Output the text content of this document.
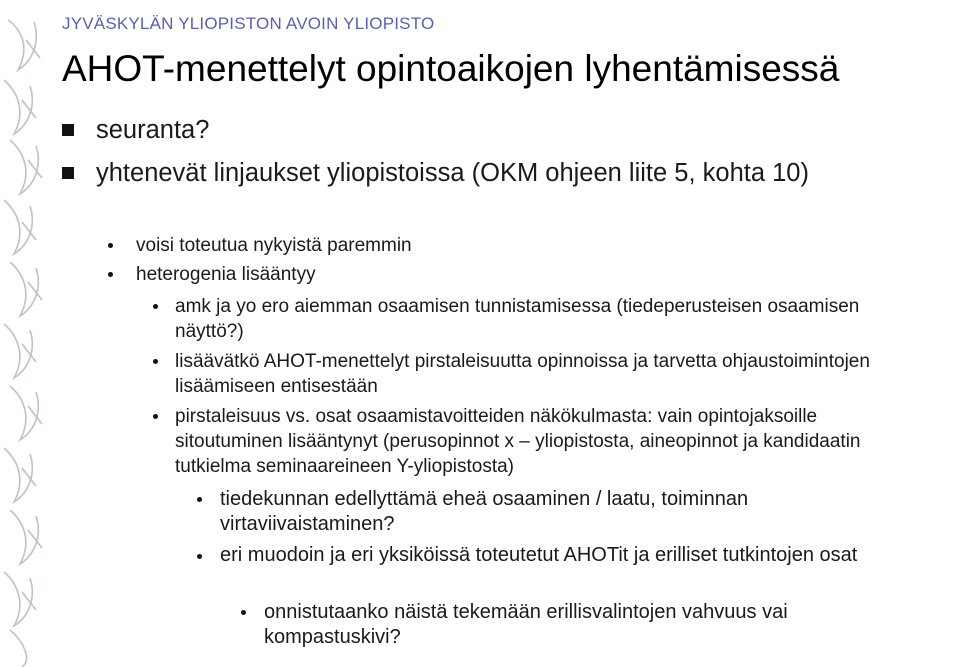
JYVÄSKYLÄN YLIOPISTON AVOIN YLIOPISTO
AHOT-menettelyt opintoaikojen lyhentämisessä
seuranta?
yhtenevät linjaukset yliopistoissa (OKM ohjeen liite 5, kohta 10)
voisi toteutua nykyistä paremmin
heterogenia lisääntyy
amk ja yo ero aiemman osaamisen tunnistamisessa (tiedeperusteisen osaamisen näyttö?)
lisäävätkö AHOT-menettelyt pirstaleisuutta opinnoissa ja tarvetta ohjaustoimintojen lisäämiseen entisestään
pirstaleisuus vs. osat osaamistavoitteiden näkökulmasta: vain opintojaksoille sitoutuminen lisääntynyt (perusopinnot x – yliopistosta, aineopinnot ja kandidaatin tutkielma seminaareineen Y-yliopistosta)
tiedekunnan edellyttämä eheä osaaminen / laatu, toiminnan virtaviivaistaminen?
eri muodoin ja eri yksiköissä toteutetut AHOTit ja erilliset tutkintojen osat
onnistutaanko näistä tekemään erillisvalintojen vahvuus vai kompastuskivi?
